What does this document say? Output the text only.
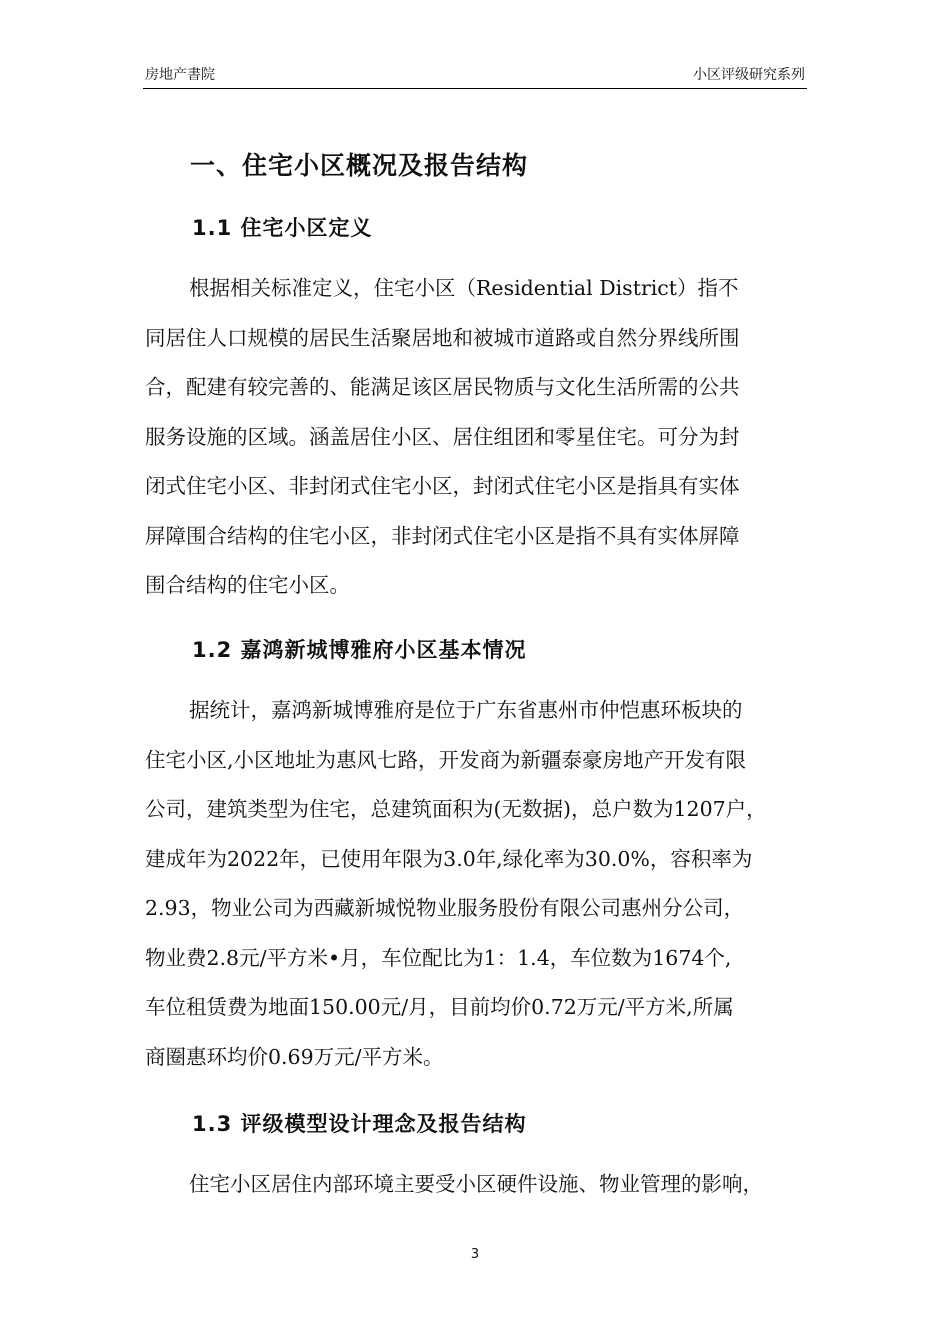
房地产書院	小区评级研究系列
一、住宅小区概况及报告结构
1.1 住宅小区定义
根据相关标准定义，住宅小区（Residential District）指不
同居住人口规模的居民生活聚居地和被城市道路或自然分界线所围
合，配建有较完善的、能满足该区居民物质与文化生活所需的公共
服务设施的区域。涵盖居住小区、居住组团和零星住宅。可分为封
闭式住宅小区、非封闭式住宅小区，封闭式住宅小区是指具有实体
屏障围合结构的住宅小区，非封闭式住宅小区是指不具有实体屏障
围合结构的住宅小区。
1.2 嘉鸿新城博雅府小区基本情况
据统计，嘉鸿新城博雅府是位于广东省惠州市仲恺惠环板块的
住宅小区,小区地址为惠风七路，开发商为新疆泰豪房地产开发有限
公司，建筑类型为住宅，总建筑面积为(无数据)，总户数为1207户，
建成年为2022年，已使用年限为3.0年,绿化率为30.0%，容积率为
2.93，物业公司为西藏新城悦物业服务股份有限公司惠州分公司，
物业费2.8元/平方米•月，车位配比为1：1.4，车位数为1674个,
车位租赁费为地面150.00元/月，目前均价0.72万元/平方米,所属
商圈惠环均价0.69万元/平方米。
1.3 评级模型设计理念及报告结构
住宅小区居住内部环境主要受小区硬件设施、物业管理的影响，
3
